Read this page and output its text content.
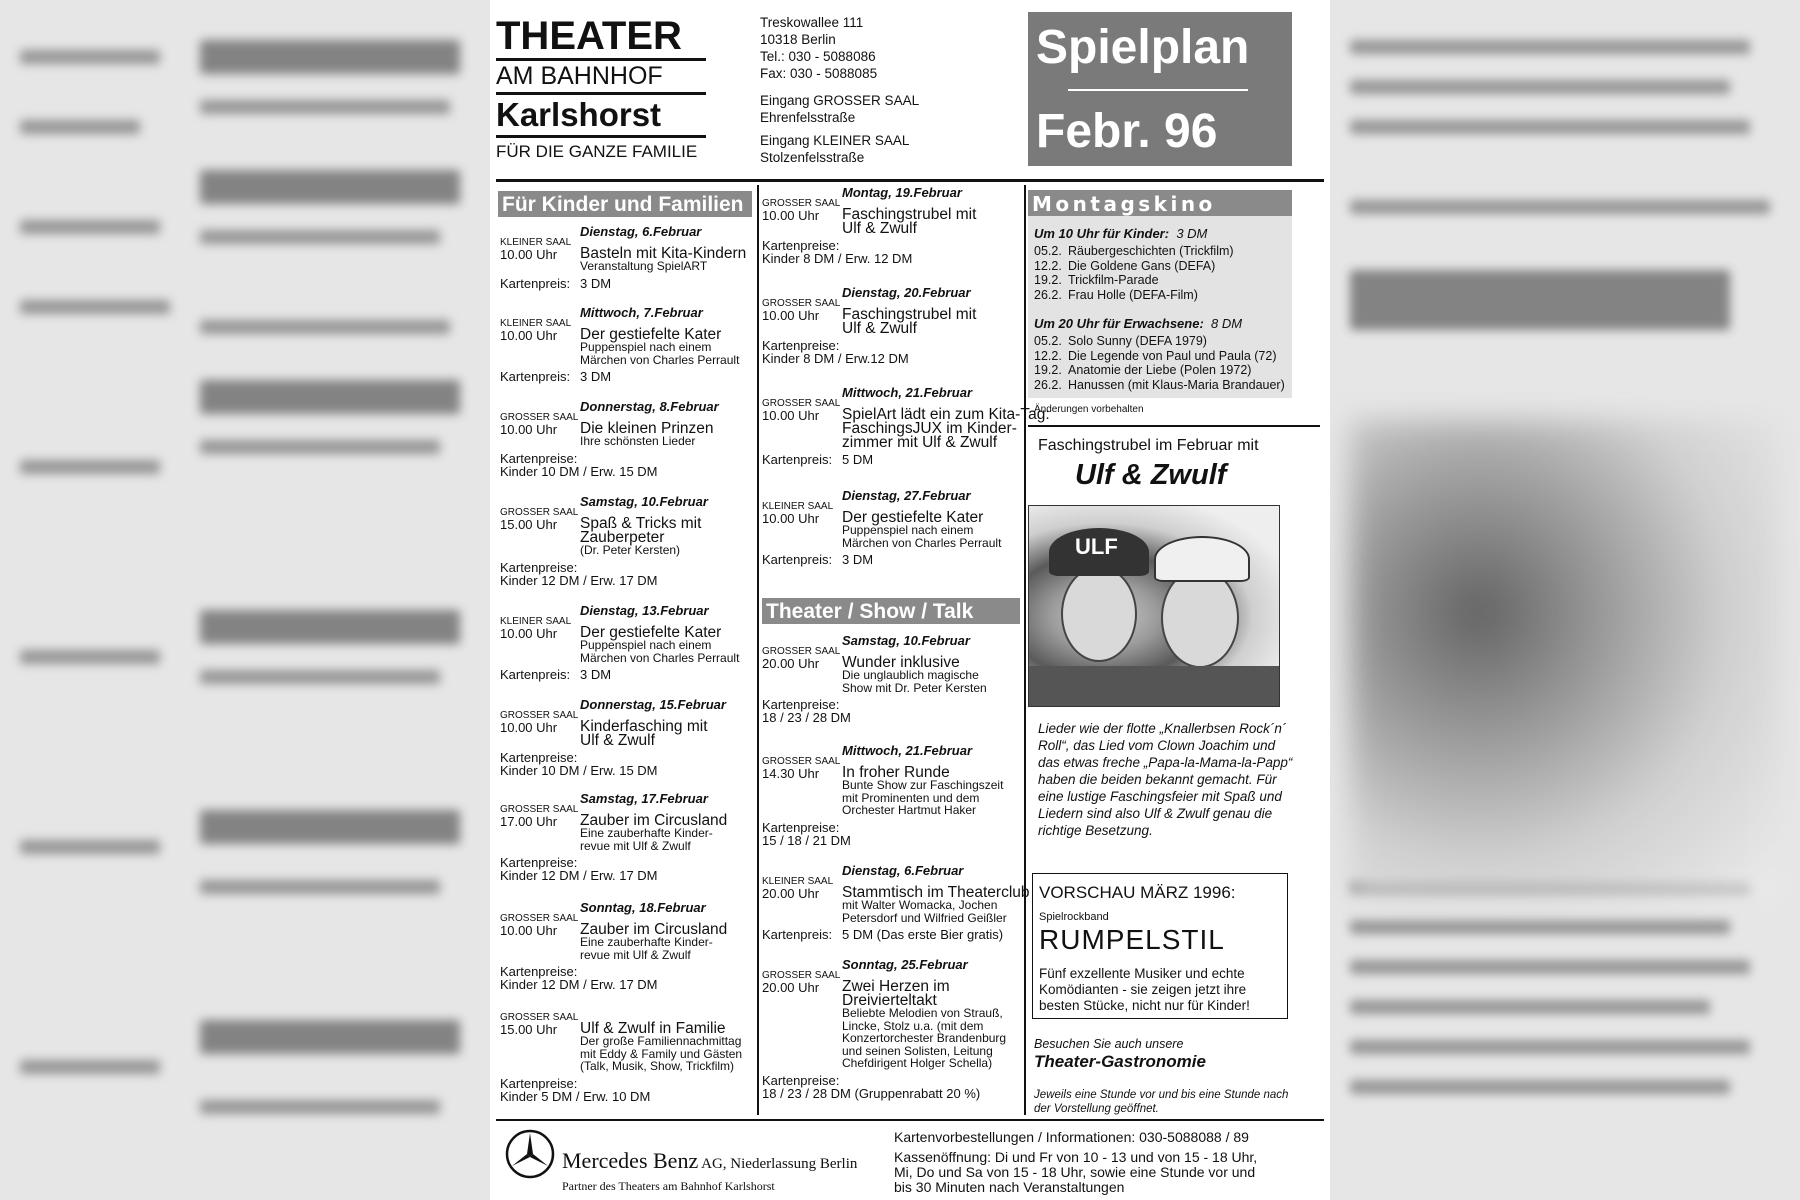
THEATER
AM BAHNHOF
Karlshorst
FÜR DIE GANZE FAMILIE
Treskowallee 111
10318 Berlin
Tel.: 030 - 5088086
Fax: 030 - 5088085
Eingang GROSSER SAAL
Ehrenfelsstraße
Eingang KLEINER SAAL
Stolzenfelsstraße
Spielplan
Febr. 96
Für Kinder und Familien
Theater / Show / Talk
Montagskino
Um 10 Uhr für Kinder: 3 DM
Um 20 Uhr für Erwachsene: 8 DM
Änderungen vorbehalten
Faschingstrubel im Februar mit
Ulf & Zwulf
ULF
Lieder wie der flotte „Knallerbsen Rock´n´ Roll“, das Lied vom Clown Joachim und das etwas freche „Papa-la-Mama-la-Papp“ haben die beiden bekannt gemacht. Für eine lustige Faschingsfeier mit Spaß und Liedern sind also Ulf & Zwulf genau die richtige Besetzung.
VORSCHAU MÄRZ 1996:
Spielrockband
RUMPELSTIL
Fünf exzellente Musiker und echte Komödianten - sie zeigen jetzt ihre besten Stücke, nicht nur für Kinder!
Besuchen Sie auch unsere
Theater-Gastronomie
Jeweils eine Stunde vor und bis eine Stunde nach der Vorstellung geöffnet.
Mercedes Benz AG, Niederlassung Berlin
Partner des Theaters am Bahnhof Karlshorst
Kartenvorbestellungen / Informationen: 030-5088088 / 89
Kassenöffnung: Di und Fr von 10 - 13 und von 15 - 18 Uhr,
Mi, Do und Sa von 15 - 18 Uhr, sowie eine Stunde vor und
bis 30 Minuten nach Veranstaltungen
Dienstag, 6.Februar
KLEINER SAAL
10.00 Uhr Basteln mit Kita-Kindern
Veranstaltung SpielART
Kartenpreis: 3 DM
Mittwoch, 7.Februar
KLEINER SAAL
10.00 Uhr Der gestiefelte Kater
Puppenspiel nach einem
Märchen von Charles Perrault
Kartenpreis: 3 DM
Donnerstag, 8.Februar
GROSSER SAAL
10.00 Uhr Die kleinen Prinzen
Ihre schönsten Lieder
Kartenpreise:
Kinder 10 DM / Erw. 15 DM
Samstag, 10.Februar
GROSSER SAAL
15.00 Uhr Spaß & Tricks mit
Zauberpeter
(Dr. Peter Kersten)
Kartenpreise:
Kinder 12 DM / Erw. 17 DM
Dienstag, 13.Februar
KLEINER SAAL
10.00 Uhr Der gestiefelte Kater
Puppenspiel nach einem
Märchen von Charles Perrault
Kartenpreis: 3 DM
Donnerstag, 15.Februar
GROSSER SAAL
10.00 Uhr Kinderfasching mit
Ulf & Zwulf
Kartenpreise:
Kinder 10 DM / Erw. 15 DM
Samstag, 17.Februar
GROSSER SAAL
17.00 Uhr Zauber im Circusland
Eine zauberhafte Kinder-
revue mit Ulf & Zwulf
Kartenpreise:
Kinder 12 DM / Erw. 17 DM
Sonntag, 18.Februar
GROSSER SAAL
10.00 Uhr Zauber im Circusland
Eine zauberhafte Kinder-
revue mit Ulf & Zwulf
Kartenpreise:
Kinder 12 DM / Erw. 17 DM
GROSSER SAAL
15.00 Uhr Ulf & Zwulf in Familie
Der große Familiennachmittag
mit Eddy & Family und Gästen
(Talk, Musik, Show, Trickfilm)
Kartenpreise:
Kinder 5 DM / Erw. 10 DM
Montag, 19.Februar
GROSSER SAAL
10.00 Uhr Faschingstrubel mit
Ulf & Zwulf
Kartenpreise:
Kinder 8 DM / Erw. 12 DM
Dienstag, 20.Februar
GROSSER SAAL
10.00 Uhr Faschingstrubel mit
Ulf & Zwulf
Kartenpreise:
Kinder 8 DM / Erw.12 DM
Mittwoch, 21.Februar
GROSSER SAAL
10.00 Uhr SpielArt lädt ein zum Kita-Tag:
FaschingsJUX im Kinder-
zimmer mit Ulf & Zwulf
Kartenpreis: 5 DM
Dienstag, 27.Februar
KLEINER SAAL
10.00 Uhr Der gestiefelte Kater
Puppenspiel nach einem
Märchen von Charles Perrault
Kartenpreis: 3 DM
Samstag, 10.Februar
GROSSER SAAL
20.00 Uhr Wunder inklusive
Die unglaublich magische
Show mit Dr. Peter Kersten
Kartenpreise:
18 / 23 / 28 DM
Mittwoch, 21.Februar
GROSSER SAAL
14.30 Uhr In froher Runde
Bunte Show zur Faschingszeit
mit Prominenten und dem
Orchester Hartmut Haker
Kartenpreise:
15 / 18 / 21 DM
Dienstag, 6.Februar
KLEINER SAAL
20.00 Uhr Stammtisch im Theaterclub
mit Walter Womacka, Jochen
Petersdorf und Wilfried Geißler
Kartenpreis: 5 DM (Das erste Bier gratis)
Sonntag, 25.Februar
GROSSER SAAL
20.00 Uhr Zwei Herzen im
Dreivierteltakt
Beliebte Melodien von Strauß,
Lincke, Stolz u.a. (mit dem
Konzertorchester Brandenburg
und seinen Solisten, Leitung
Chefdirigent Holger Schella)
Kartenpreise:
18 / 23 / 28 DM (Gruppenrabatt 20 %)
05.2. Räubergeschichten (Trickfilm)
12.2. Die Goldene Gans (DEFA)
19.2. Trickfilm-Parade
26.2. Frau Holle (DEFA-Film)
05.2. Solo Sunny (DEFA 1979)
12.2. Die Legende von Paul und Paula (72)
19.2. Anatomie der Liebe (Polen 1972)
26.2. Hanussen (mit Klaus-Maria Brandauer)
